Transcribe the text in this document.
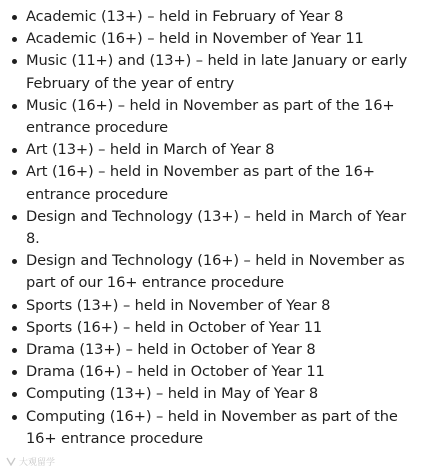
Academic (13+) – held in February of Year 8
Academic (16+) – held in November of Year 11
Music (11+) and (13+) – held in late January or early February of the year of entry
Music (16+) – held in November as part of the 16+ entrance procedure
Art (13+) – held in March of Year 8
Art (16+) – held in November as part of the 16+ entrance procedure
Design and Technology (13+) – held in March of Year 8.
Design and Technology (16+) – held in November as part of our 16+ entrance procedure
Sports (13+) – held in November of Year 8
Sports (16+) – held in October of Year 11
Drama (13+) – held in October of Year 8
Drama (16+) – held in October of Year 11
Computing (13+) – held in May of Year 8
Computing (16+) – held in November as part of the 16+ entrance procedure
大观留学
